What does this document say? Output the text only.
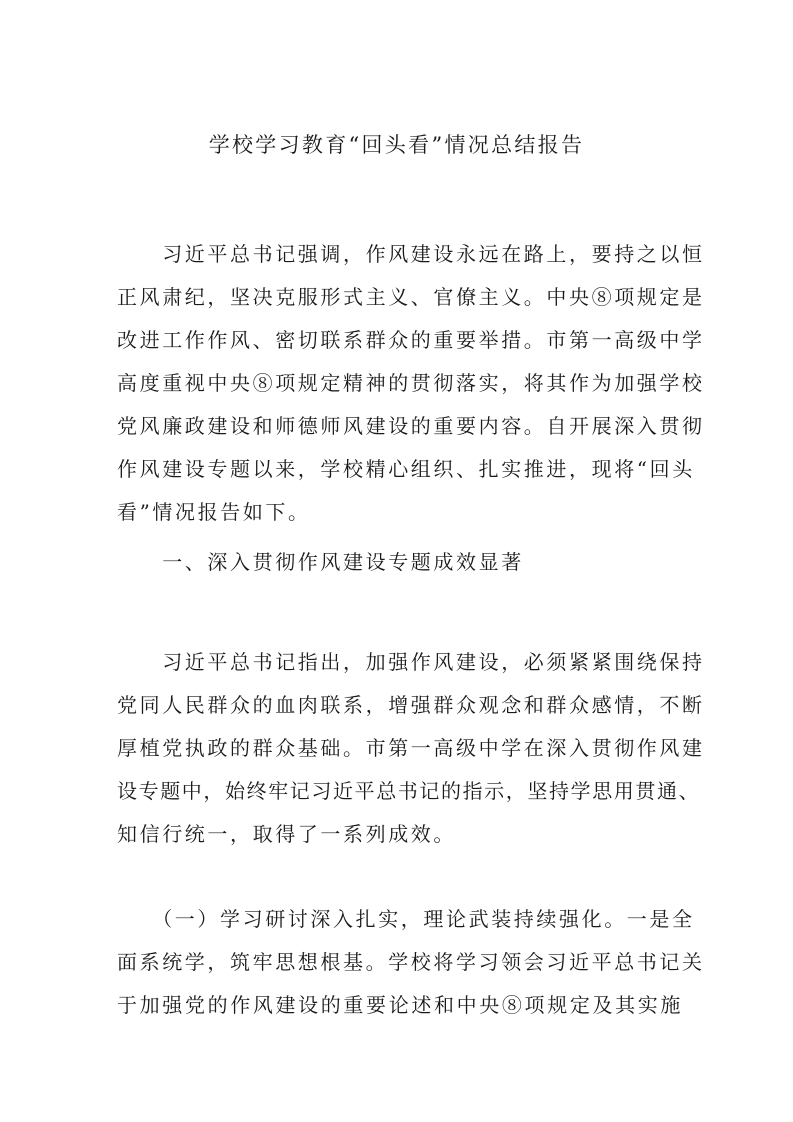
学校学习教育“回头看”情况总结报告
　　习近平总书记强调，作风建设永远在路上，要持之以恒
正风肃纪，坚决克服形式主义、官僚主义。中央⑧项规定是
改进工作作风、密切联系群众的重要举措。市第一高级中学
高度重视中央⑧项规定精神的贯彻落实，将其作为加强学校
党风廉政建设和师德师风建设的重要内容。自开展深入贯彻
作风建设专题以来，学校精心组织、扎实推进，现将“回头
看”情况报告如下。
　　一、深入贯彻作风建设专题成效显著
　　习近平总书记指出，加强作风建设，必须紧紧围绕保持
党同人民群众的血肉联系，增强群众观念和群众感情，不断
厚植党执政的群众基础。市第一高级中学在深入贯彻作风建
设专题中，始终牢记习近平总书记的指示，坚持学思用贯通、
知信行统一，取得了一系列成效。
　　（一）学习研讨深入扎实，理论武装持续强化。一是全
面系统学，筑牢思想根基。学校将学习领会习近平总书记关
于加强党的作风建设的重要论述和中央⑧项规定及其实施
